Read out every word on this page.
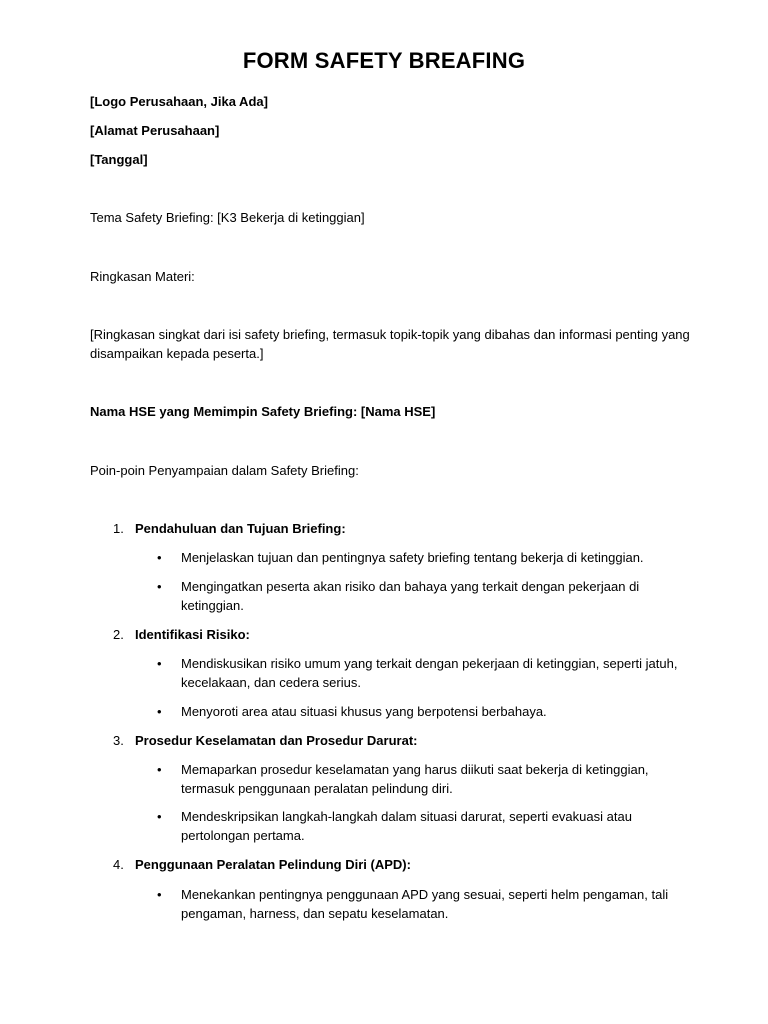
FORM SAFETY BREAFING
[Logo Perusahaan, Jika Ada]
[Alamat Perusahaan]
[Tanggal]
Tema Safety Briefing: [K3 Bekerja di ketinggian]
Ringkasan Materi:
[Ringkasan singkat dari isi safety briefing, termasuk topik-topik yang dibahas dan informasi penting yang disampaikan kepada peserta.]
Nama HSE yang Memimpin Safety Briefing: [Nama HSE]
Poin-poin Penyampaian dalam Safety Briefing:
1. Pendahuluan dan Tujuan Briefing:
• Menjelaskan tujuan dan pentingnya safety briefing tentang bekerja di ketinggian.
• Mengingatkan peserta akan risiko dan bahaya yang terkait dengan pekerjaan di ketinggian.
2. Identifikasi Risiko:
• Mendiskusikan risiko umum yang terkait dengan pekerjaan di ketinggian, seperti jatuh, kecelakaan, dan cedera serius.
• Menyoroti area atau situasi khusus yang berpotensi berbahaya.
3. Prosedur Keselamatan dan Prosedur Darurat:
• Memaparkan prosedur keselamatan yang harus diikuti saat bekerja di ketinggian, termasuk penggunaan peralatan pelindung diri.
• Mendeskripsikan langkah-langkah dalam situasi darurat, seperti evakuasi atau pertolongan pertama.
4. Penggunaan Peralatan Pelindung Diri (APD):
• Menekankan pentingnya penggunaan APD yang sesuai, seperti helm pengaman, tali pengaman, harness, dan sepatu keselamatan.
